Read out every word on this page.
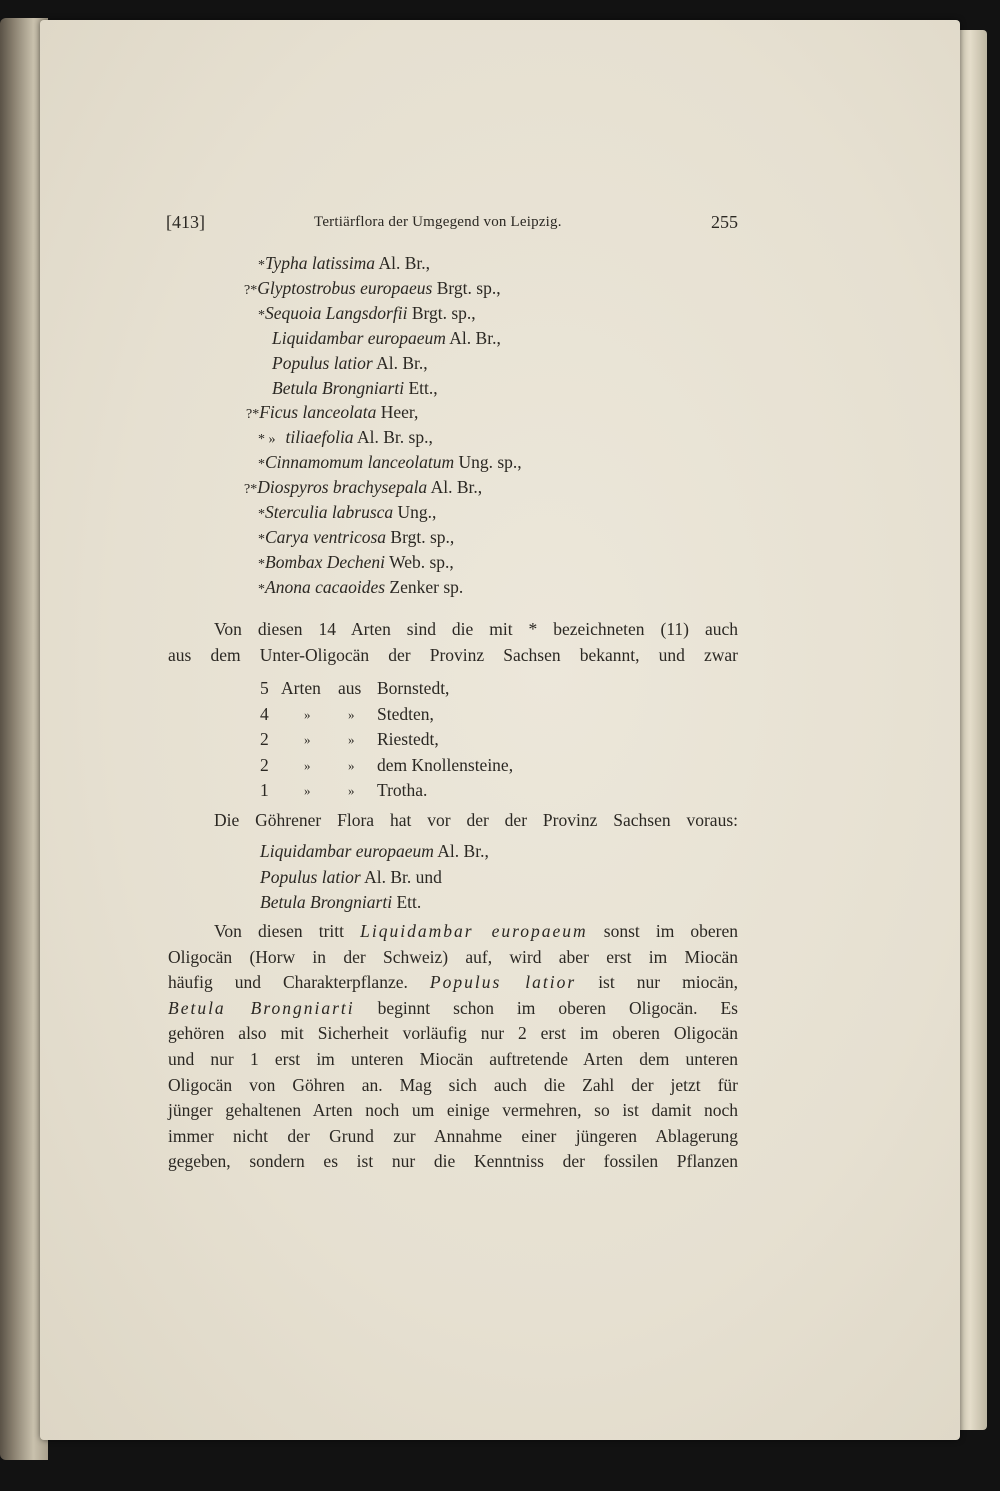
[413]	Tertiärflora der Umgegend von Leipzig.	255
*Typha latissima Al. Br.,
?*Glyptostrobus europaeus Brgt. sp.,
*Sequoia Langsdorfii Brgt. sp.,
Liquidambar europaeum Al. Br.,
Populus latior Al. Br.,
Betula Brongniarti Ett.,
?*Ficus lanceolata Heer,
* » tiliaefolia Al. Br. sp.,
*Cinnamomum lanceolatum Ung. sp.,
?*Diospyros brachysepala Al. Br.,
*Sterculia labrusca Ung.,
*Carya ventricosa Brgt. sp.,
*Bombax Decheni Web. sp.,
*Anona cacaoides Zenker sp.
Von diesen 14 Arten sind die mit * bezeichneten (11) auch
aus dem Unter-Oligocän der Provinz Sachsen bekannt, und zwar
5 Arten aus Bornstedt,
4	»	» Stedten,
2	»	» Riestedt,
2	»	» dem Knollensteine,
1	»	» Trotha.
Die Göhrener Flora hat vor der der Provinz Sachsen voraus:
Liquidambar europaeum Al. Br.,
Populus latior Al. Br. und
Betula Brongniarti Ett.
Von diesen tritt Liquidambar europaeum sonst im oberen
Oligocän (Horw in der Schweiz) auf, wird aber erst im Miocän
häufig und Charakterpflanze. Populus latior ist nur miocän,
Betula Brongniarti beginnt schon im oberen Oligocän. Es
gehören also mit Sicherheit vorläufig nur 2 erst im oberen Oligocän
und nur 1 erst im unteren Miocän auftretende Arten dem unteren
Oligocän von Göhren an. Mag sich auch die Zahl der jetzt für
jünger gehaltenen Arten noch um einige vermehren, so ist damit noch
immer nicht der Grund zur Annahme einer jüngeren Ablagerung
gegeben, sondern es ist nur die Kenntniss der fossilen Pflanzen
